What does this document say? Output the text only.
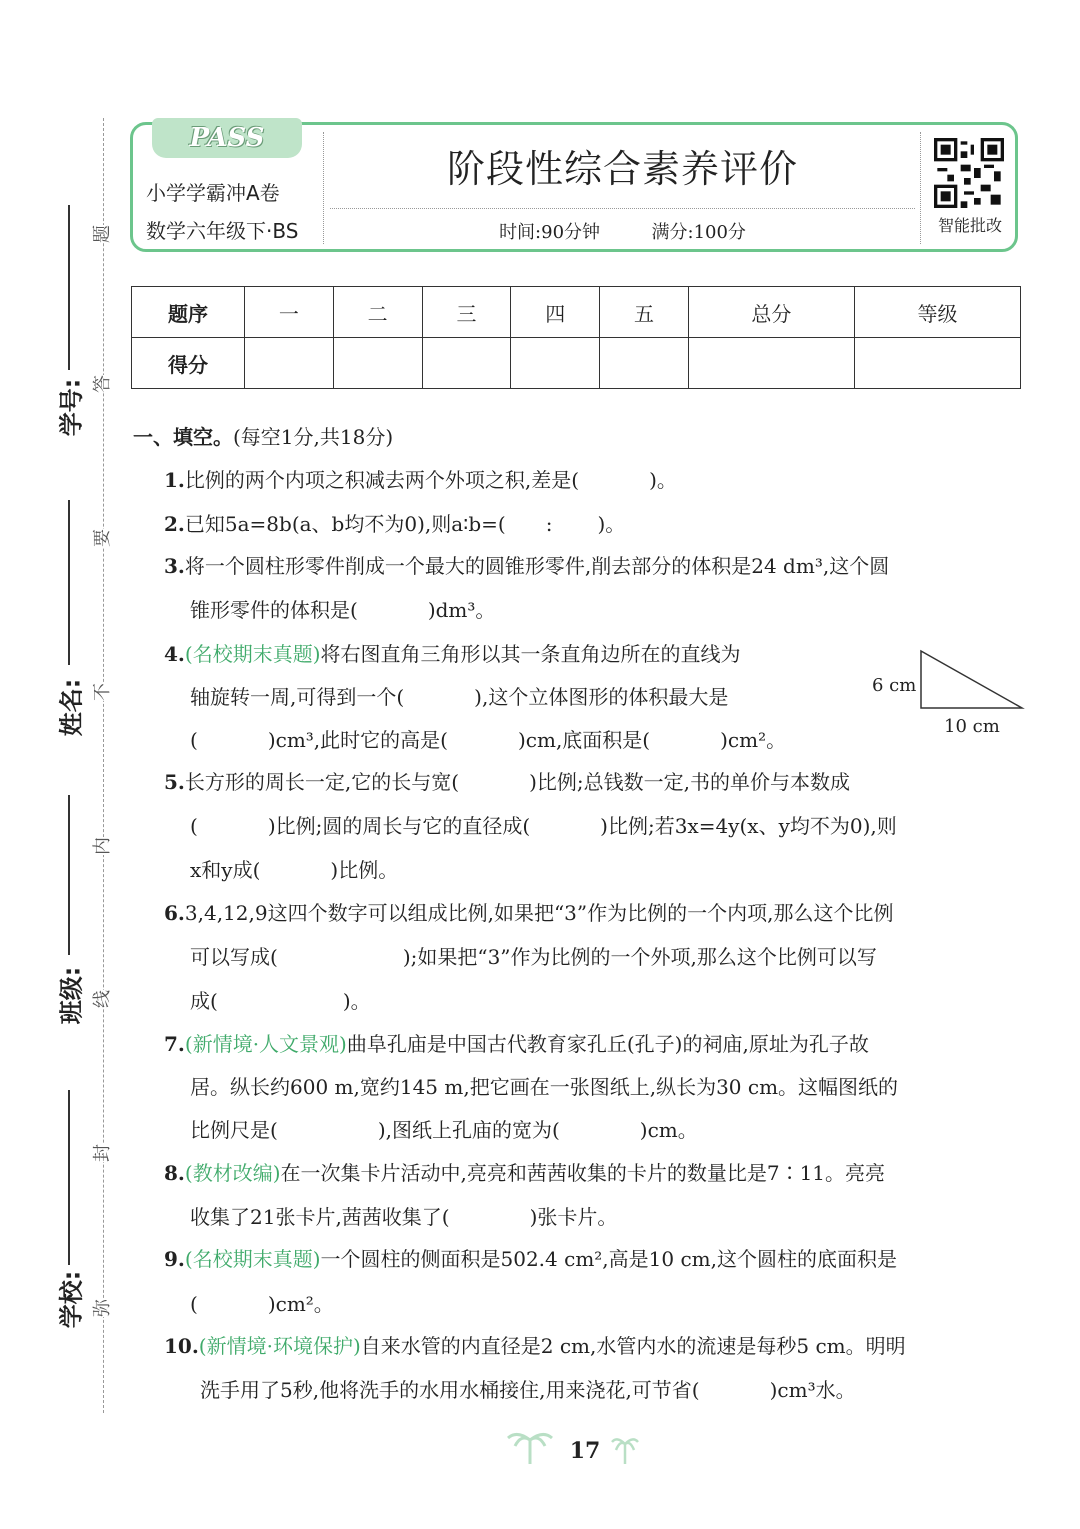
题
答
要
不
内
线
封
弥
学号:
姓名:
班级:
学校:
PASS
小学学霸冲A卷
数学六年级下·BS
阶段性综合素养评价
时间:90分钟	满分:100分	智能批改
题序	一	二	三	四	五	总分	等级
得分							
一、填空。(每空1分,共18分)
1.比例的两个内项之积减去两个外项之积,差是(	)。
2.已知5a=8b(a、b均不为0),则a∶b=( : )。
3.将一个圆柱形零件削成一个最大的圆锥形零件,削去部分的体积是24 dm³,这个圆
锥形零件的体积是(	)dm³。
4.(名校期末真题)将右图直角三角形以其一条直角边所在的直线为
轴旋转一周,可得到一个(	),这个立体图形的体积最大是
(	)cm³,此时它的高是(	)cm,底面积是(	)cm²。
6 cm
10 cm
5.长方形的周长一定,它的长与宽(	)比例;总钱数一定,书的单价与本数成
(	)比例;圆的周长与它的直径成(	)比例;若3x=4y(x、y均不为0),则
x和y成(	)比例。
6.3,4,12,9这四个数字可以组成比例,如果把“3”作为比例的一个内项,那么这个比例
可以写成(	);如果把“3”作为比例的一个外项,那么这个比例可以写
成(	)。
7.(新情境·人文景观)曲阜孔庙是中国古代教育家孔丘(孔子)的祠庙,原址为孔子故
居。纵长约600 m,宽约145 m,把它画在一张图纸上,纵长为30 cm。这幅图纸的
比例尺是(	),图纸上孔庙的宽为(	)cm。
8.(教材改编)在一次集卡片活动中,亮亮和茜茜收集的卡片的数量比是7∶11。亮亮
收集了21张卡片,茜茜收集了(	)张卡片。
9.(名校期末真题)一个圆柱的侧面积是502.4 cm²,高是10 cm,这个圆柱的底面积是
(	)cm²。
10.(新情境·环境保护)自来水管的内直径是2 cm,水管内水的流速是每秒5 cm。明明
洗手用了5秒,他将洗手的水用水桶接住,用来浇花,可节省(	)cm³水。
17
